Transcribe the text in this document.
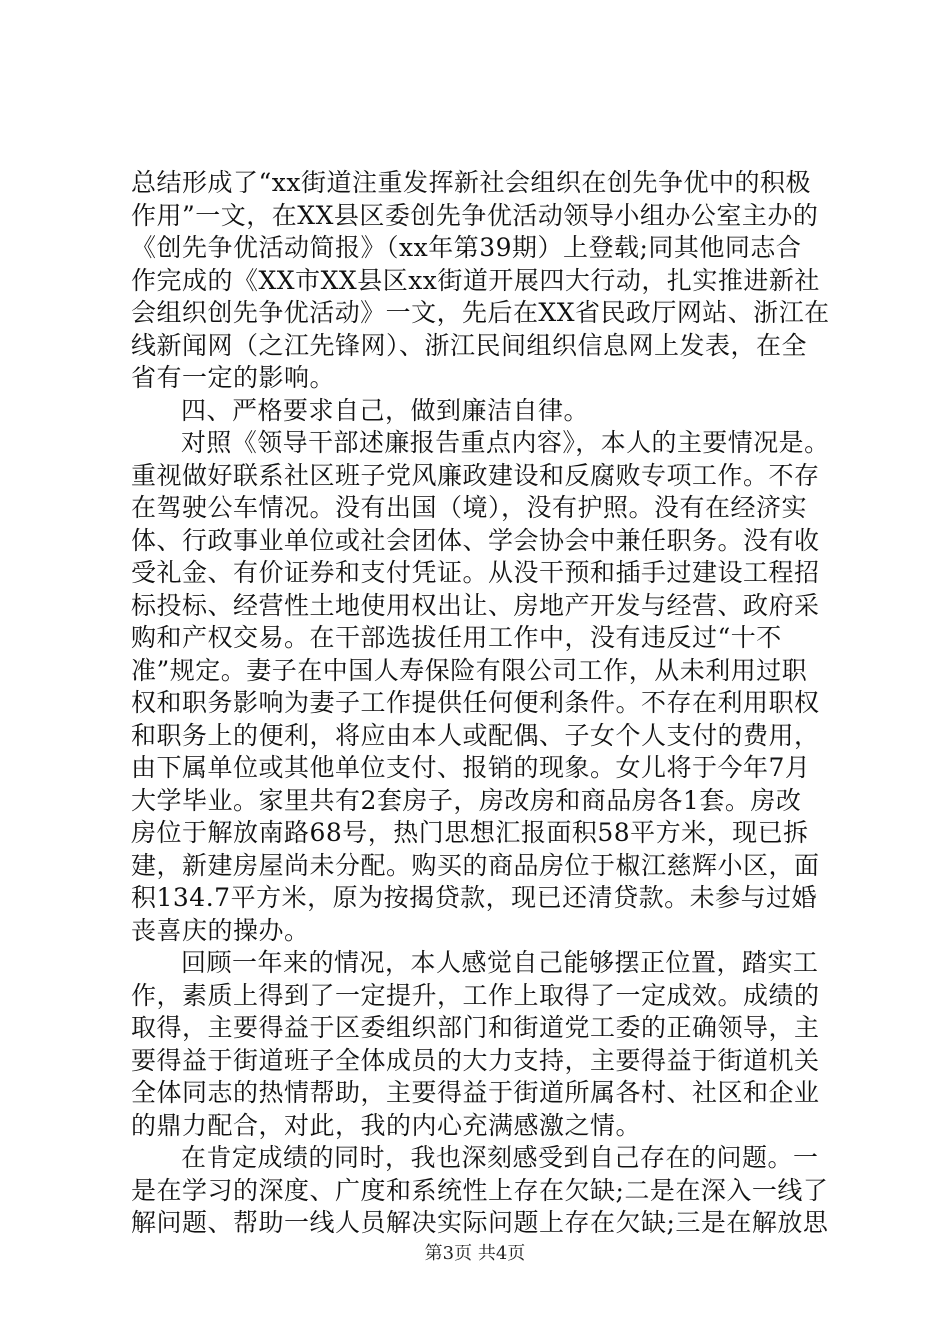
总结形成了“xx街道注重发挥新社会组织在创先争优中的积极
作用”一文，在XX县区委创先争优活动领导小组办公室主办的
《创先争优活动简报》（xx年第39期）上登载;同其他同志合
作完成的《XX市XX县区xx街道开展四大行动，扎实推进新社
会组织创先争优活动》一文，先后在XX省民政厅网站、浙江在
线新闻网（之江先锋网）、浙江民间组织信息网上发表，在全
省有一定的影响。
四、严格要求自己，做到廉洁自律。
对照《领导干部述廉报告重点内容》，本人的主要情况是。
重视做好联系社区班子党风廉政建设和反腐败专项工作。不存
在驾驶公车情况。没有出国（境），没有护照。没有在经济实
体、行政事业单位或社会团体、学会协会中兼任职务。没有收
受礼金、有价证券和支付凭证。从没干预和插手过建设工程招
标投标、经营性土地使用权出让、房地产开发与经营、政府采
购和产权交易。在干部选拔任用工作中，没有违反过“十不
准”规定。妻子在中国人寿保险有限公司工作，从未利用过职
权和职务影响为妻子工作提供任何便利条件。不存在利用职权
和职务上的便利，将应由本人或配偶、子女个人支付的费用，
由下属单位或其他单位支付、报销的现象。女儿将于今年7月
大学毕业。家里共有2套房子，房改房和商品房各1套。房改
房位于解放南路68号，热门思想汇报面积58平方米，现已拆
建，新建房屋尚未分配。购买的商品房位于椒江慈辉小区，面
积134.7平方米，原为按揭贷款，现已还清贷款。未参与过婚
丧喜庆的操办。
回顾一年来的情况，本人感觉自己能够摆正位置，踏实工
作，素质上得到了一定提升，工作上取得了一定成效。成绩的
取得，主要得益于区委组织部门和街道党工委的正确领导，主
要得益于街道班子全体成员的大力支持，主要得益于街道机关
全体同志的热情帮助，主要得益于街道所属各村、社区和企业
的鼎力配合，对此，我的内心充满感激之情。
在肯定成绩的同时，我也深刻感受到自己存在的问题。一
是在学习的深度、广度和系统性上存在欠缺;二是在深入一线了
解问题、帮助一线人员解决实际问题上存在欠缺;三是在解放思
第3页 共4页
